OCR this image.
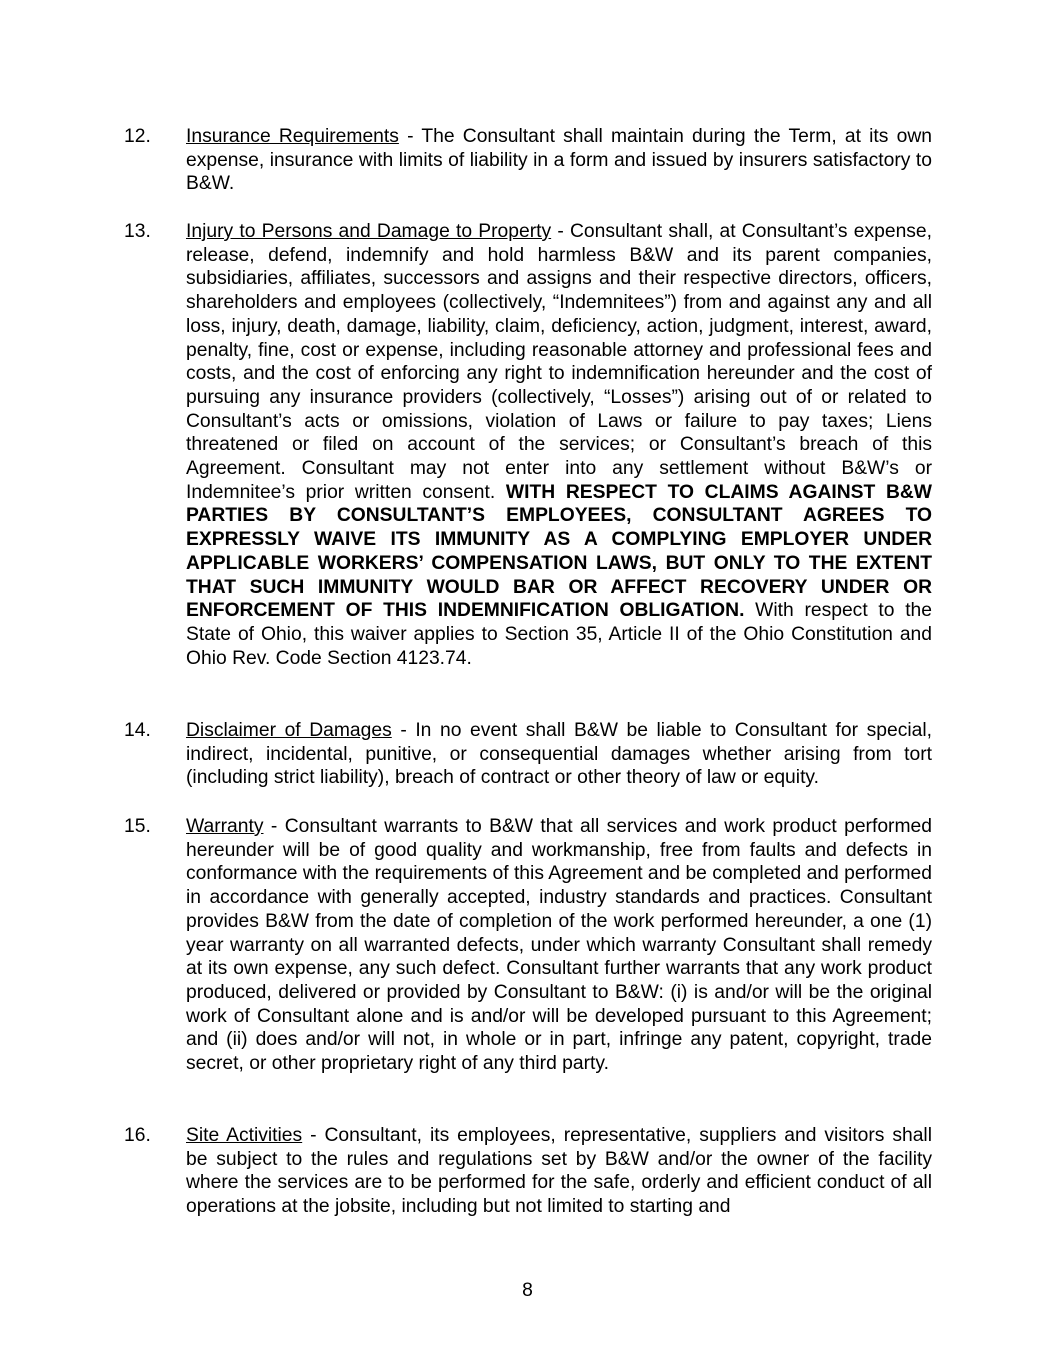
12.	Insurance Requirements - The Consultant shall maintain during the Term, at its own expense, insurance with limits of liability in a form and issued by insurers satisfactory to B&W.
13.	Injury to Persons and Damage to Property - Consultant shall, at Consultant’s expense, release, defend, indemnify and hold harmless B&W and its parent companies, subsidiaries, affiliates, successors and assigns and their respective directors, officers, shareholders and employees (collectively, “Indemnitees”) from and against any and all loss, injury, death, damage, liability, claim, deficiency, action, judgment, interest, award, penalty, fine, cost or expense, including reasonable attorney and professional fees and costs, and the cost of enforcing any right to indemnification hereunder and the cost of pursuing any insurance providers (collectively, “Losses”) arising out of or related to Consultant’s acts or omissions, violation of Laws or failure to pay taxes; Liens threatened or filed on account of the services; or Consultant’s breach of this Agreement. Consultant may not enter into any settlement without B&W’s or Indemnitee’s prior written consent. WITH RESPECT TO CLAIMS AGAINST B&W PARTIES BY CONSULTANT’S EMPLOYEES, CONSULTANT AGREES TO EXPRESSLY WAIVE ITS IMMUNITY AS A COMPLYING EMPLOYER UNDER APPLICABLE WORKERS’ COMPENSATION LAWS, BUT ONLY TO THE EXTENT THAT SUCH IMMUNITY WOULD BAR OR AFFECT RECOVERY UNDER OR ENFORCEMENT OF THIS INDEMNIFICATION OBLIGATION. With respect to the State of Ohio, this waiver applies to Section 35, Article II of the Ohio Constitution and Ohio Rev. Code Section 4123.74.
14.	Disclaimer of Damages - In no event shall B&W be liable to Consultant for special, indirect, incidental, punitive, or consequential damages whether arising from tort (including strict liability), breach of contract or other theory of law or equity.
15.	Warranty - Consultant warrants to B&W that all services and work product performed hereunder will be of good quality and workmanship, free from faults and defects in conformance with the requirements of this Agreement and be completed and performed in accordance with generally accepted, industry standards and practices. Consultant provides B&W from the date of completion of the work performed hereunder, a one (1) year warranty on all warranted defects, under which warranty Consultant shall remedy at its own expense, any such defect. Consultant further warrants that any work product produced, delivered or provided by Consultant to B&W: (i) is and/or will be the original work of Consultant alone and is and/or will be developed pursuant to this Agreement; and (ii) does and/or will not, in whole or in part, infringe any patent, copyright, trade secret, or other proprietary right of any third party.
16.	Site Activities - Consultant, its employees, representative, suppliers and visitors shall be subject to the rules and regulations set by B&W and/or the owner of the facility where the services are to be performed for the safe, orderly and efficient conduct of all operations at the jobsite, including but not limited to starting and
8
